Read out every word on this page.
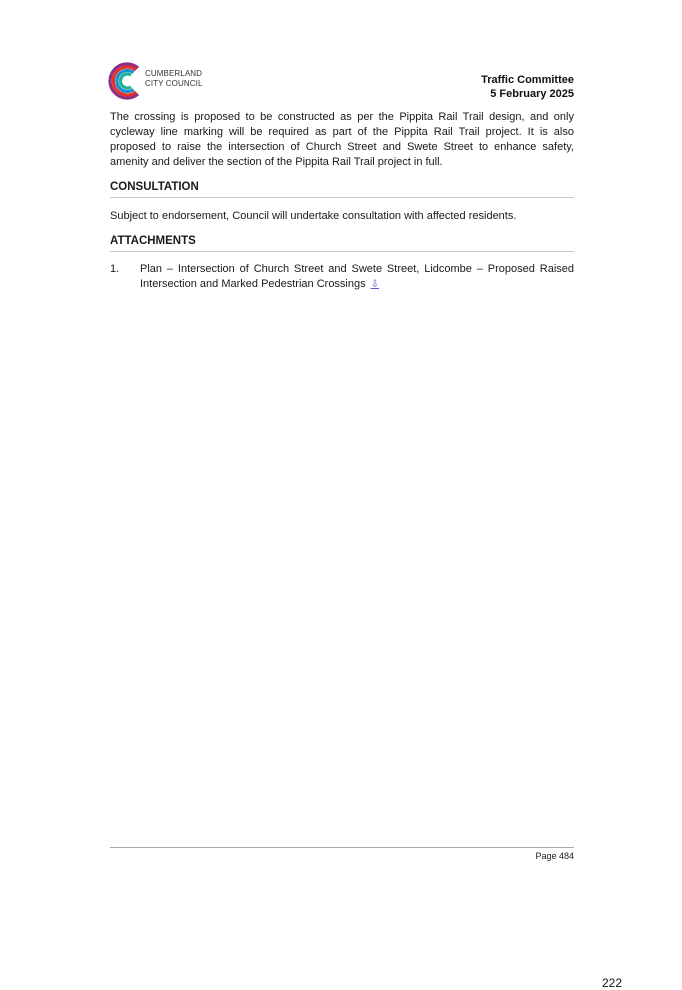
CUMBERLAND
CITY COUNCIL	Traffic Committee
5 February 2025

The crossing is proposed to be constructed as per the Pippita Rail Trail design, and only cycleway line marking will be required as part of the Pippita Rail Trail project. It is also proposed to raise the intersection of Church Street and Swete Street to enhance safety, amenity and deliver the section of the Pippita Rail Trail project in full.

CONSULTATION

Subject to endorsement, Council will undertake consultation with affected residents.

ATTACHMENTS
1. Plan – Intersection of Church Street and Swete Street, Lidcombe – Proposed Raised Intersection and Marked Pedestrian Crossings ⇩
Page 484
222
